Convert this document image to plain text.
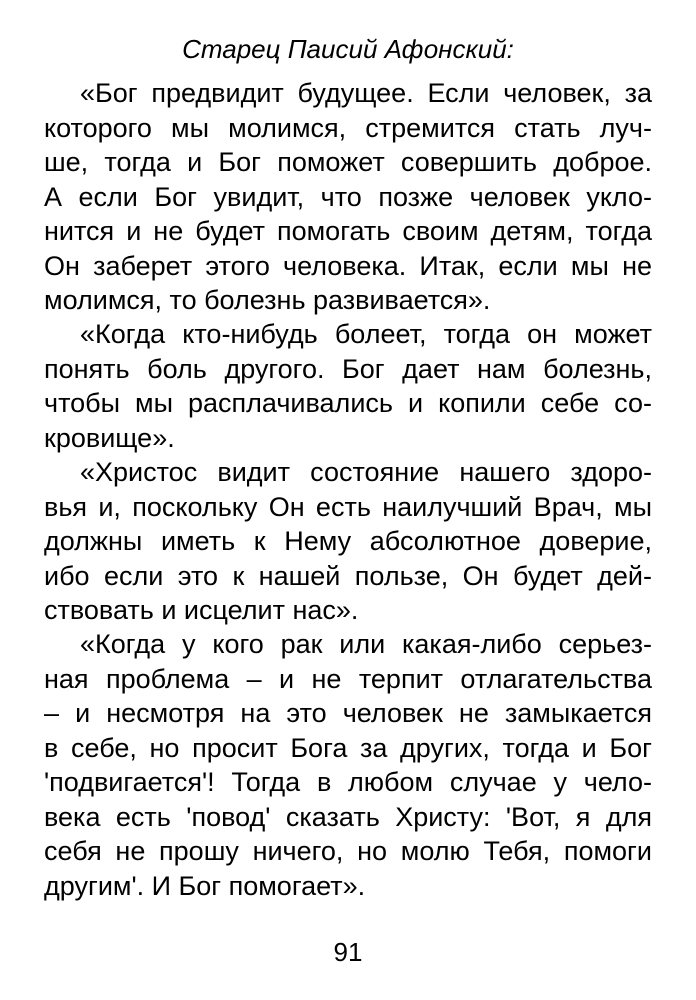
Старец Паисий Афонский:

«Бог предвидит будущее. Если человек, за
которого мы молимся, стремится стать луч-
ше, тогда и Бог поможет совершить доброе.
А если Бог увидит, что позже человек укло-
нится и не будет помогать своим детям, тогда
Он заберет этого человека. Итак, если мы не
молимся, то болезнь развивается».

«Когда кто-нибудь болеет, тогда он может
понять боль другого. Бог дает нам болезнь,
чтобы мы расплачивались и копили себе со-
кровище».

«Христос видит состояние нашего здоро-
вья и, поскольку Он есть наилучший Врач, мы
должны иметь к Нему абсолютное доверие,
ибо если это к нашей пользе, Он будет дей-
ствовать и исцелит нас».

«Когда у кого рак или какая-либо серьез-
ная проблема – и не терпит отлагательства
– и несмотря на это человек не замыкается
в себе, но просит Бога за других, тогда и Бог
'подвигается'! Тогда в любом случае у чело-
века есть 'повод' сказать Христу: 'Вот, я для
себя не прошу ничего, но молю Тебя, помоги
другим'. И Бог помогает».

91
